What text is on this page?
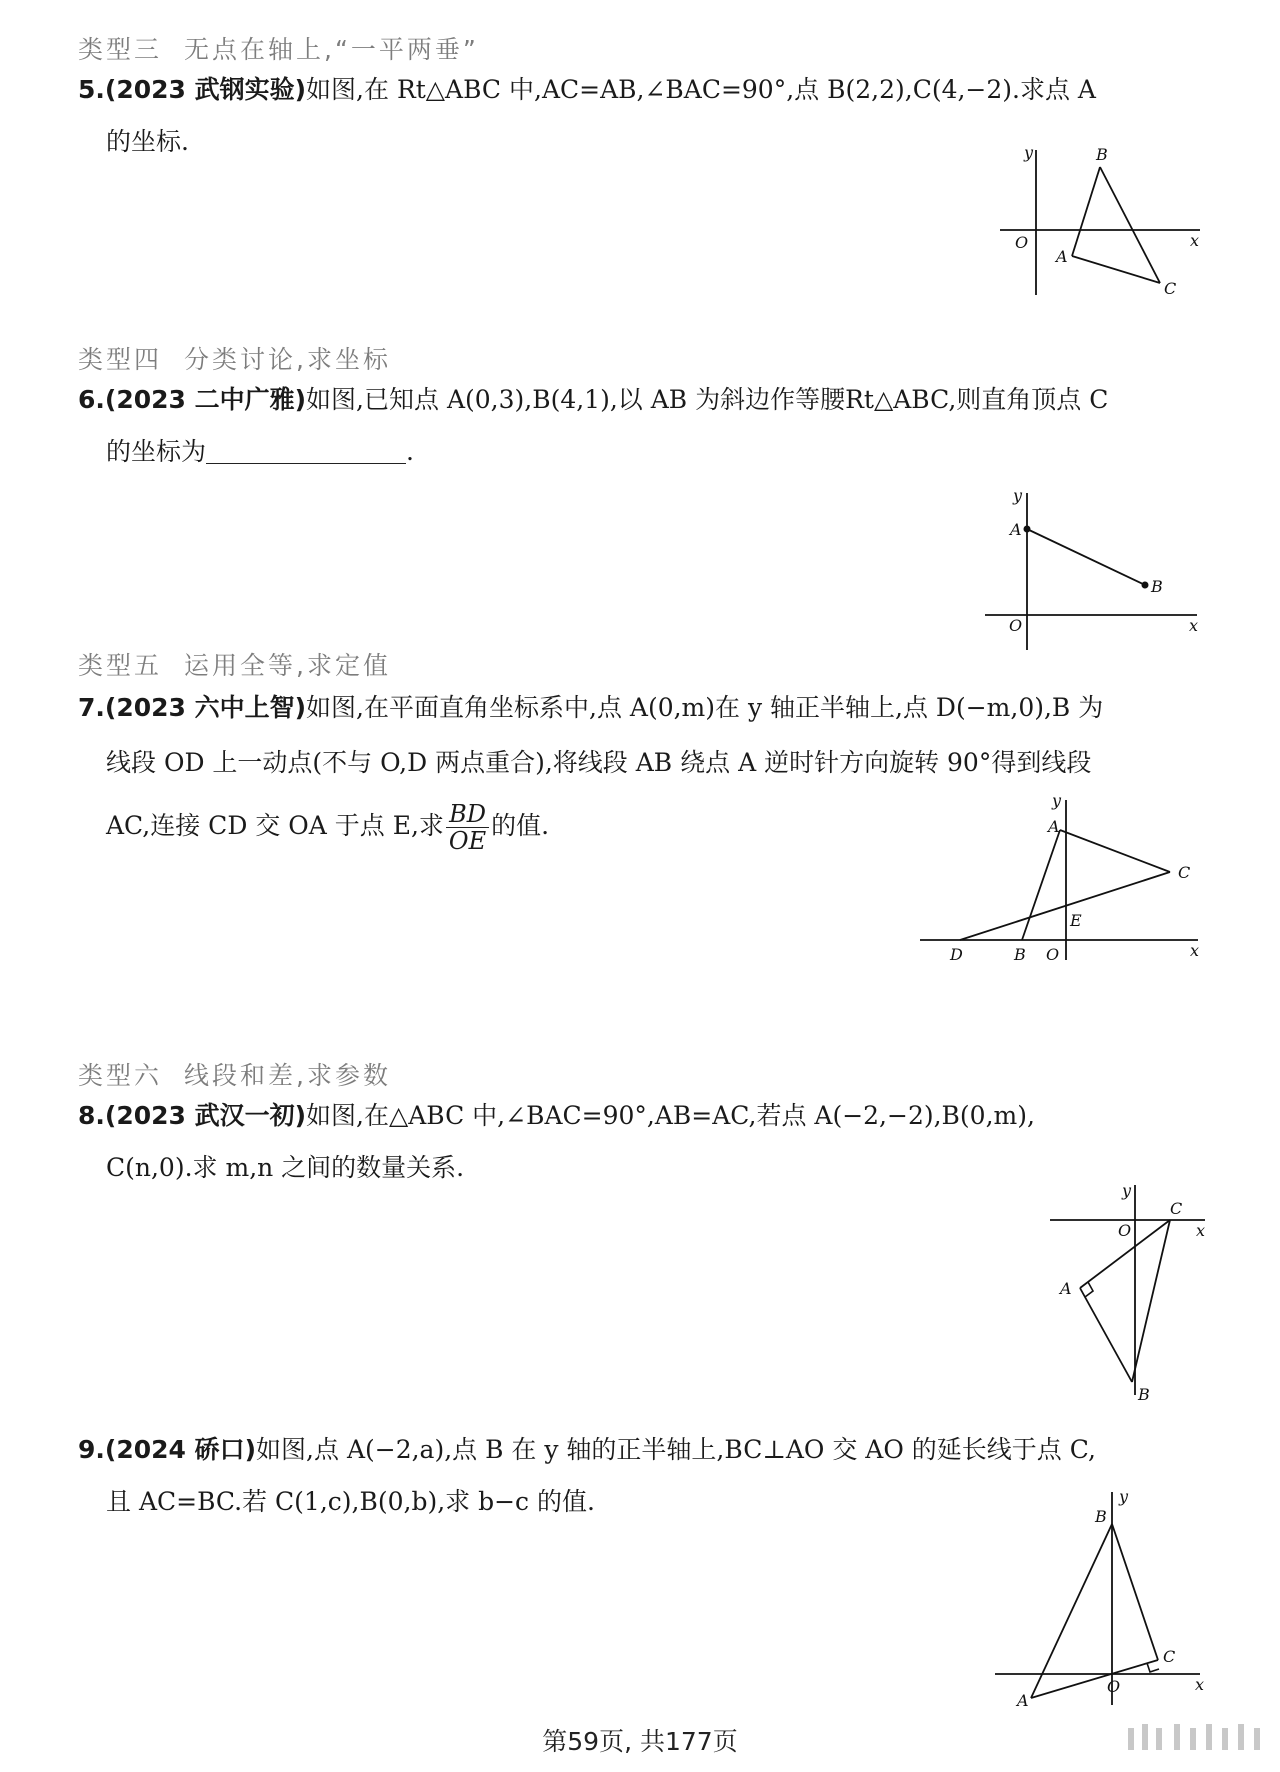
类型三 无点在轴上,“一平两垂”
5.(2023 武钢实验)如图,在 Rt△ABC 中,AC=AB,∠BAC=90°,点 B(2,2),C(4,−2).求点 A
的坐标.	y
x
O
B
A
C
类型四 分类讨论,求坐标
6.(2023 二中广雅)如图,已知点 A(0,3),B(4,1),以 AB 为斜边作等腰Rt△ABC,则直角顶点 C
的坐标为	.
y
x
O
A
B
类型五 运用全等,求定值
7.(2023 六中上智)如图,在平面直角坐标系中,点 A(0,m)在 y 轴正半轴上,点 D(−m,0),B 为
线段 OD 上一动点(不与 O,D 两点重合),将线段 AB 绕点 A 逆时针方向旋转 90°得到线段
AC,连接 CD 交 OA 于点 E,求 $\frac{BD}{OE}$ 的值.
y
x
A
C
E
D	B O
类型六 线段和差,求参数
8.(2023 武汉一初)如图,在△ABC 中,∠BAC=90°,AB=AC,若点 A(−2,−2),B(0,m),
C(n,0).求 m,n 之间的数量关系.
y
x
O
C
A
B
9.(2024 硚口)如图,点 A(−2,a),点 B 在 y 轴的正半轴上,BC⊥AO 交 AO 的延长线于点 C,
且 AC=BC.若 C(1,c),B(0,b),求 b−c 的值.	y
x
B
C
O
A
第59页, 共177页
